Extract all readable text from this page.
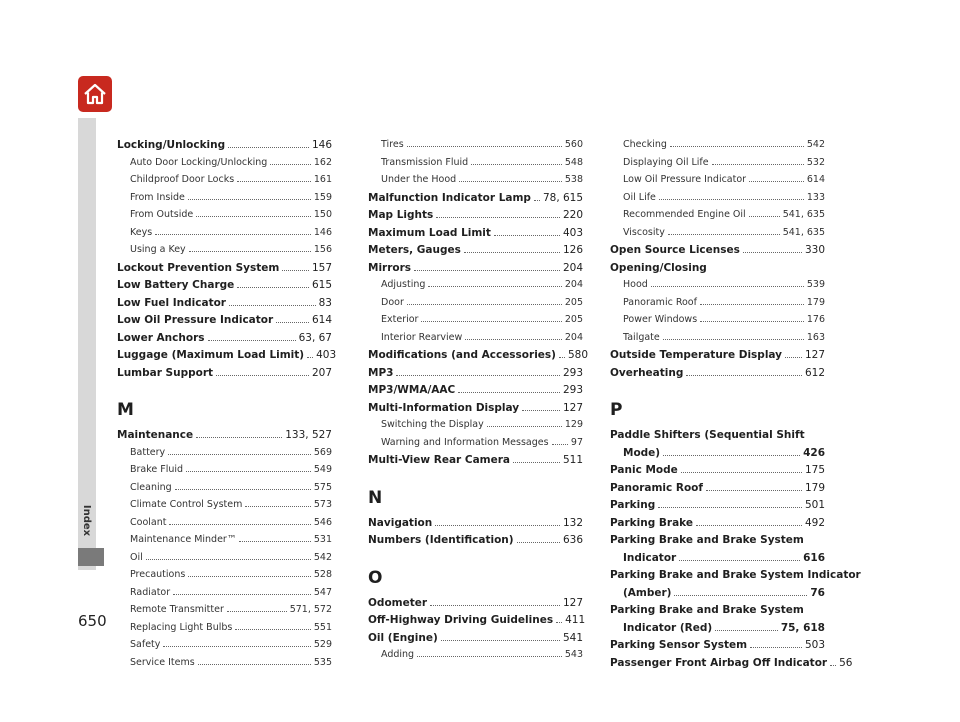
Index
650
Locking/Unlocking	146
Auto Door Locking/Unlocking	162
Childproof Door Locks	161
From Inside	159
From Outside	150
Keys	146
Using a Key	156
Lockout Prevention System	157
Low Battery Charge	615
Low Fuel Indicator	83
Low Oil Pressure Indicator	614
Lower Anchors	63, 67
Luggage (Maximum Load Limit) 403
Lumbar Support	207
M
Maintenance	133, 527
Battery	569
Brake Fluid	549
Cleaning	575
Climate Control System	573
Coolant	546
Maintenance Minder™	531
Oil	542
Precautions	528
Radiator	547
Remote Transmitter	571, 572
Replacing Light Bulbs	551
Safety	529
Service Items	535
Tires	560
Transmission Fluid	548
Under the Hood	538
Malfunction Indicator Lamp 78, 615
Map Lights	220
Maximum Load Limit	403
Meters, Gauges	126
Mirrors	204
Adjusting	204
Door	205
Exterior	205
Interior Rearview	204
Modifications (and Accessories) 580
MP3	293
MP3/WMA/AAC	293
Multi-Information Display	127
Switching the Display	129
Warning and Information Messages 97
Multi-View Rear Camera	511
N
Navigation	132
Numbers (Identification)	636
O
Odometer	127
Off-Highway Driving Guidelines 411
Oil (Engine)	541
Adding	543
Checking	542
Displaying Oil Life	532
Low Oil Pressure Indicator	614
Oil Life	133
Recommended Engine Oil	541, 635
Viscosity	541, 635
Open Source Licenses	330
Opening/Closing
Hood	539
Panoramic Roof	179
Power Windows	176
Tailgate	163
Outside Temperature Display 127
Overheating	612
P
Paddle Shifters (Sequential Shift
Mode)	426
Panic Mode	175
Panoramic Roof	179
Parking	501
Parking Brake	492
Parking Brake and Brake System
Indicator	616
Parking Brake and Brake System Indicator
(Amber)	76
Parking Brake and Brake System
Indicator (Red)	75, 618
Parking Sensor System	503
Passenger Front Airbag Off Indicator 56
